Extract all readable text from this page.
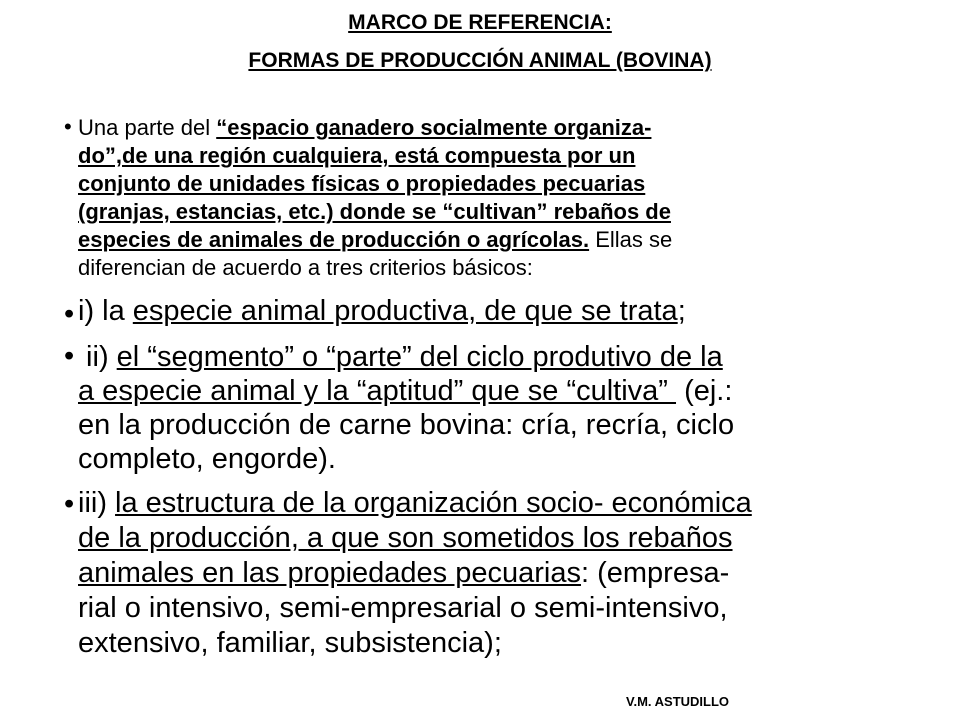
MARCO DE REFERENCIA:
FORMAS DE PRODUCCIÓN ANIMAL (BOVINA)
• Una parte del “espacio ganadero socialmente organiza-
do”,de una región cualquiera, está compuesta por un
conjunto de unidades físicas o propiedades pecuarias
(granjas, estancias, etc.) donde se “cultivan” rebaños de
especies de animales de producción o agrícolas. Ellas se
diferencian de acuerdo a tres criterios básicos:
• i) la especie animal productiva, de que se trata;
• ii) el “segmento” o “parte” del ciclo produtivo de la
a especie animal y la “aptitud” que se “cultiva”  (ej.:
en la producción de carne bovina: cría, recría, ciclo
completo, engorde).
• iii) la estructura de la organización socio- económica
de la producción, a que son sometidos los rebaños
animales en las propiedades pecuarias: (empresa-
rial o intensivo, semi-empresarial o semi-intensivo,
extensivo, familiar, subsistencia);
V.M. ASTUDILLO
